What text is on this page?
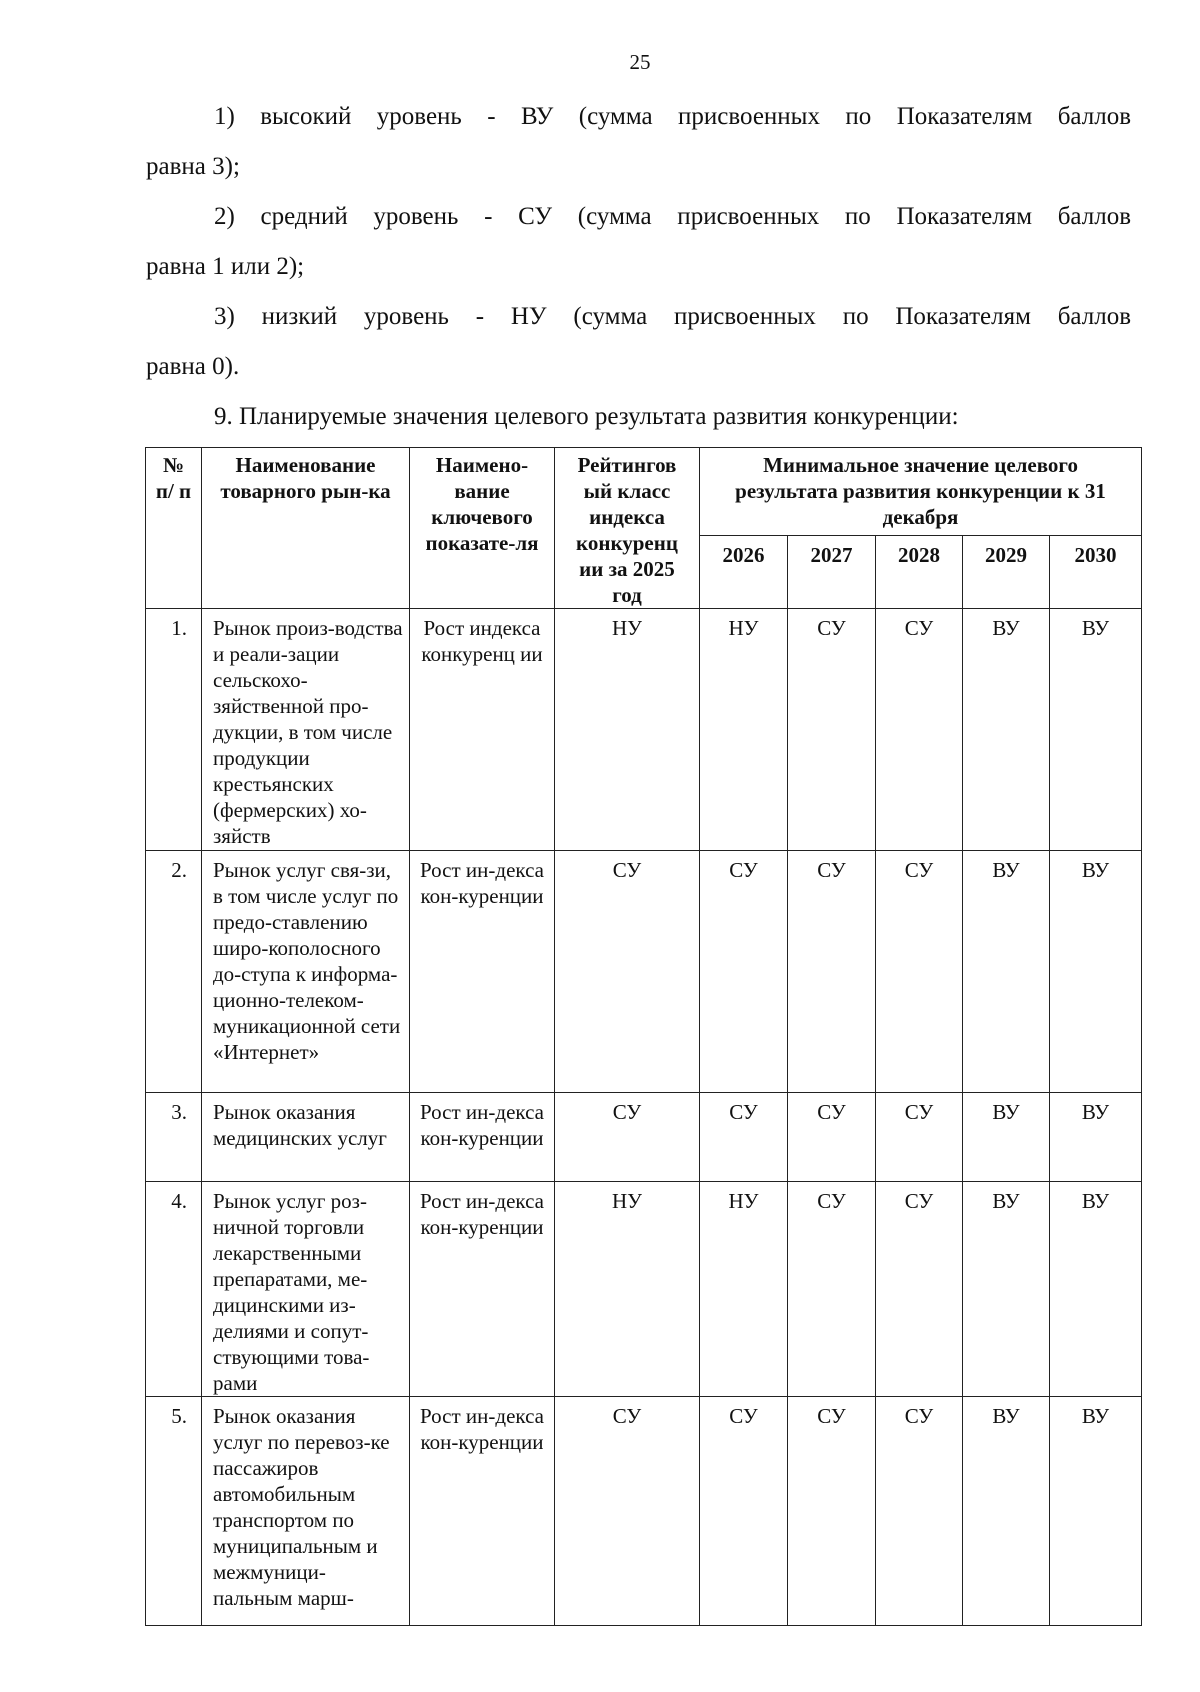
25
1) высокий уровень - ВУ (сумма присвоенных по Показателям баллов
равна 3);
2) средний уровень - СУ (сумма присвоенных по Показателям баллов
равна 1 или 2);
3) низкий уровень - НУ (сумма присвоенных по Показателям баллов
равна 0).
9. Планируемые значения целевого результата развития конкуренции:
№ п/ п	Наименование товарного рын-ка	Наимено-вание ключевого показате-ля	Рейтингов ый класс индекса конкуренц ии за 2025 год	Минимальное значение целевого результата развития конкуренции к 31 декабря				
				2026	2027	2028	2029	2030
1.	Рынок произ-водства и реали-зации сельскохо-зяйственной про-дукции, в том числе продукции крестьянских (фермерских) хо-зяйств	Рост индекса конкуренц ии	НУ	НУ	СУ	СУ	ВУ	ВУ
2.	Рынок услуг свя-зи, в том числе услуг по предо-ставлению широ-кополосного до-ступа к информа-ционно-телеком-муникационной сети «Интернет»	Рост ин-декса кон-куренции	СУ	СУ	СУ	СУ	ВУ	ВУ
3.	Рынок оказания медицинских услуг	Рост ин-декса кон-куренции	СУ	СУ	СУ	СУ	ВУ	ВУ
4.	Рынок услуг роз-ничной торговли лекарственными препаратами, ме-дицинскими из-делиями и сопут-ствующими това-рами	Рост ин-декса кон-куренции	НУ	НУ	СУ	СУ	ВУ	ВУ
5.	Рынок оказания услуг по перевоз-ке пассажиров автомобильным транспортом по муниципальным и межмуници-пальным марш-	Рост ин-декса кон-куренции	СУ	СУ	СУ	СУ	ВУ	ВУ
